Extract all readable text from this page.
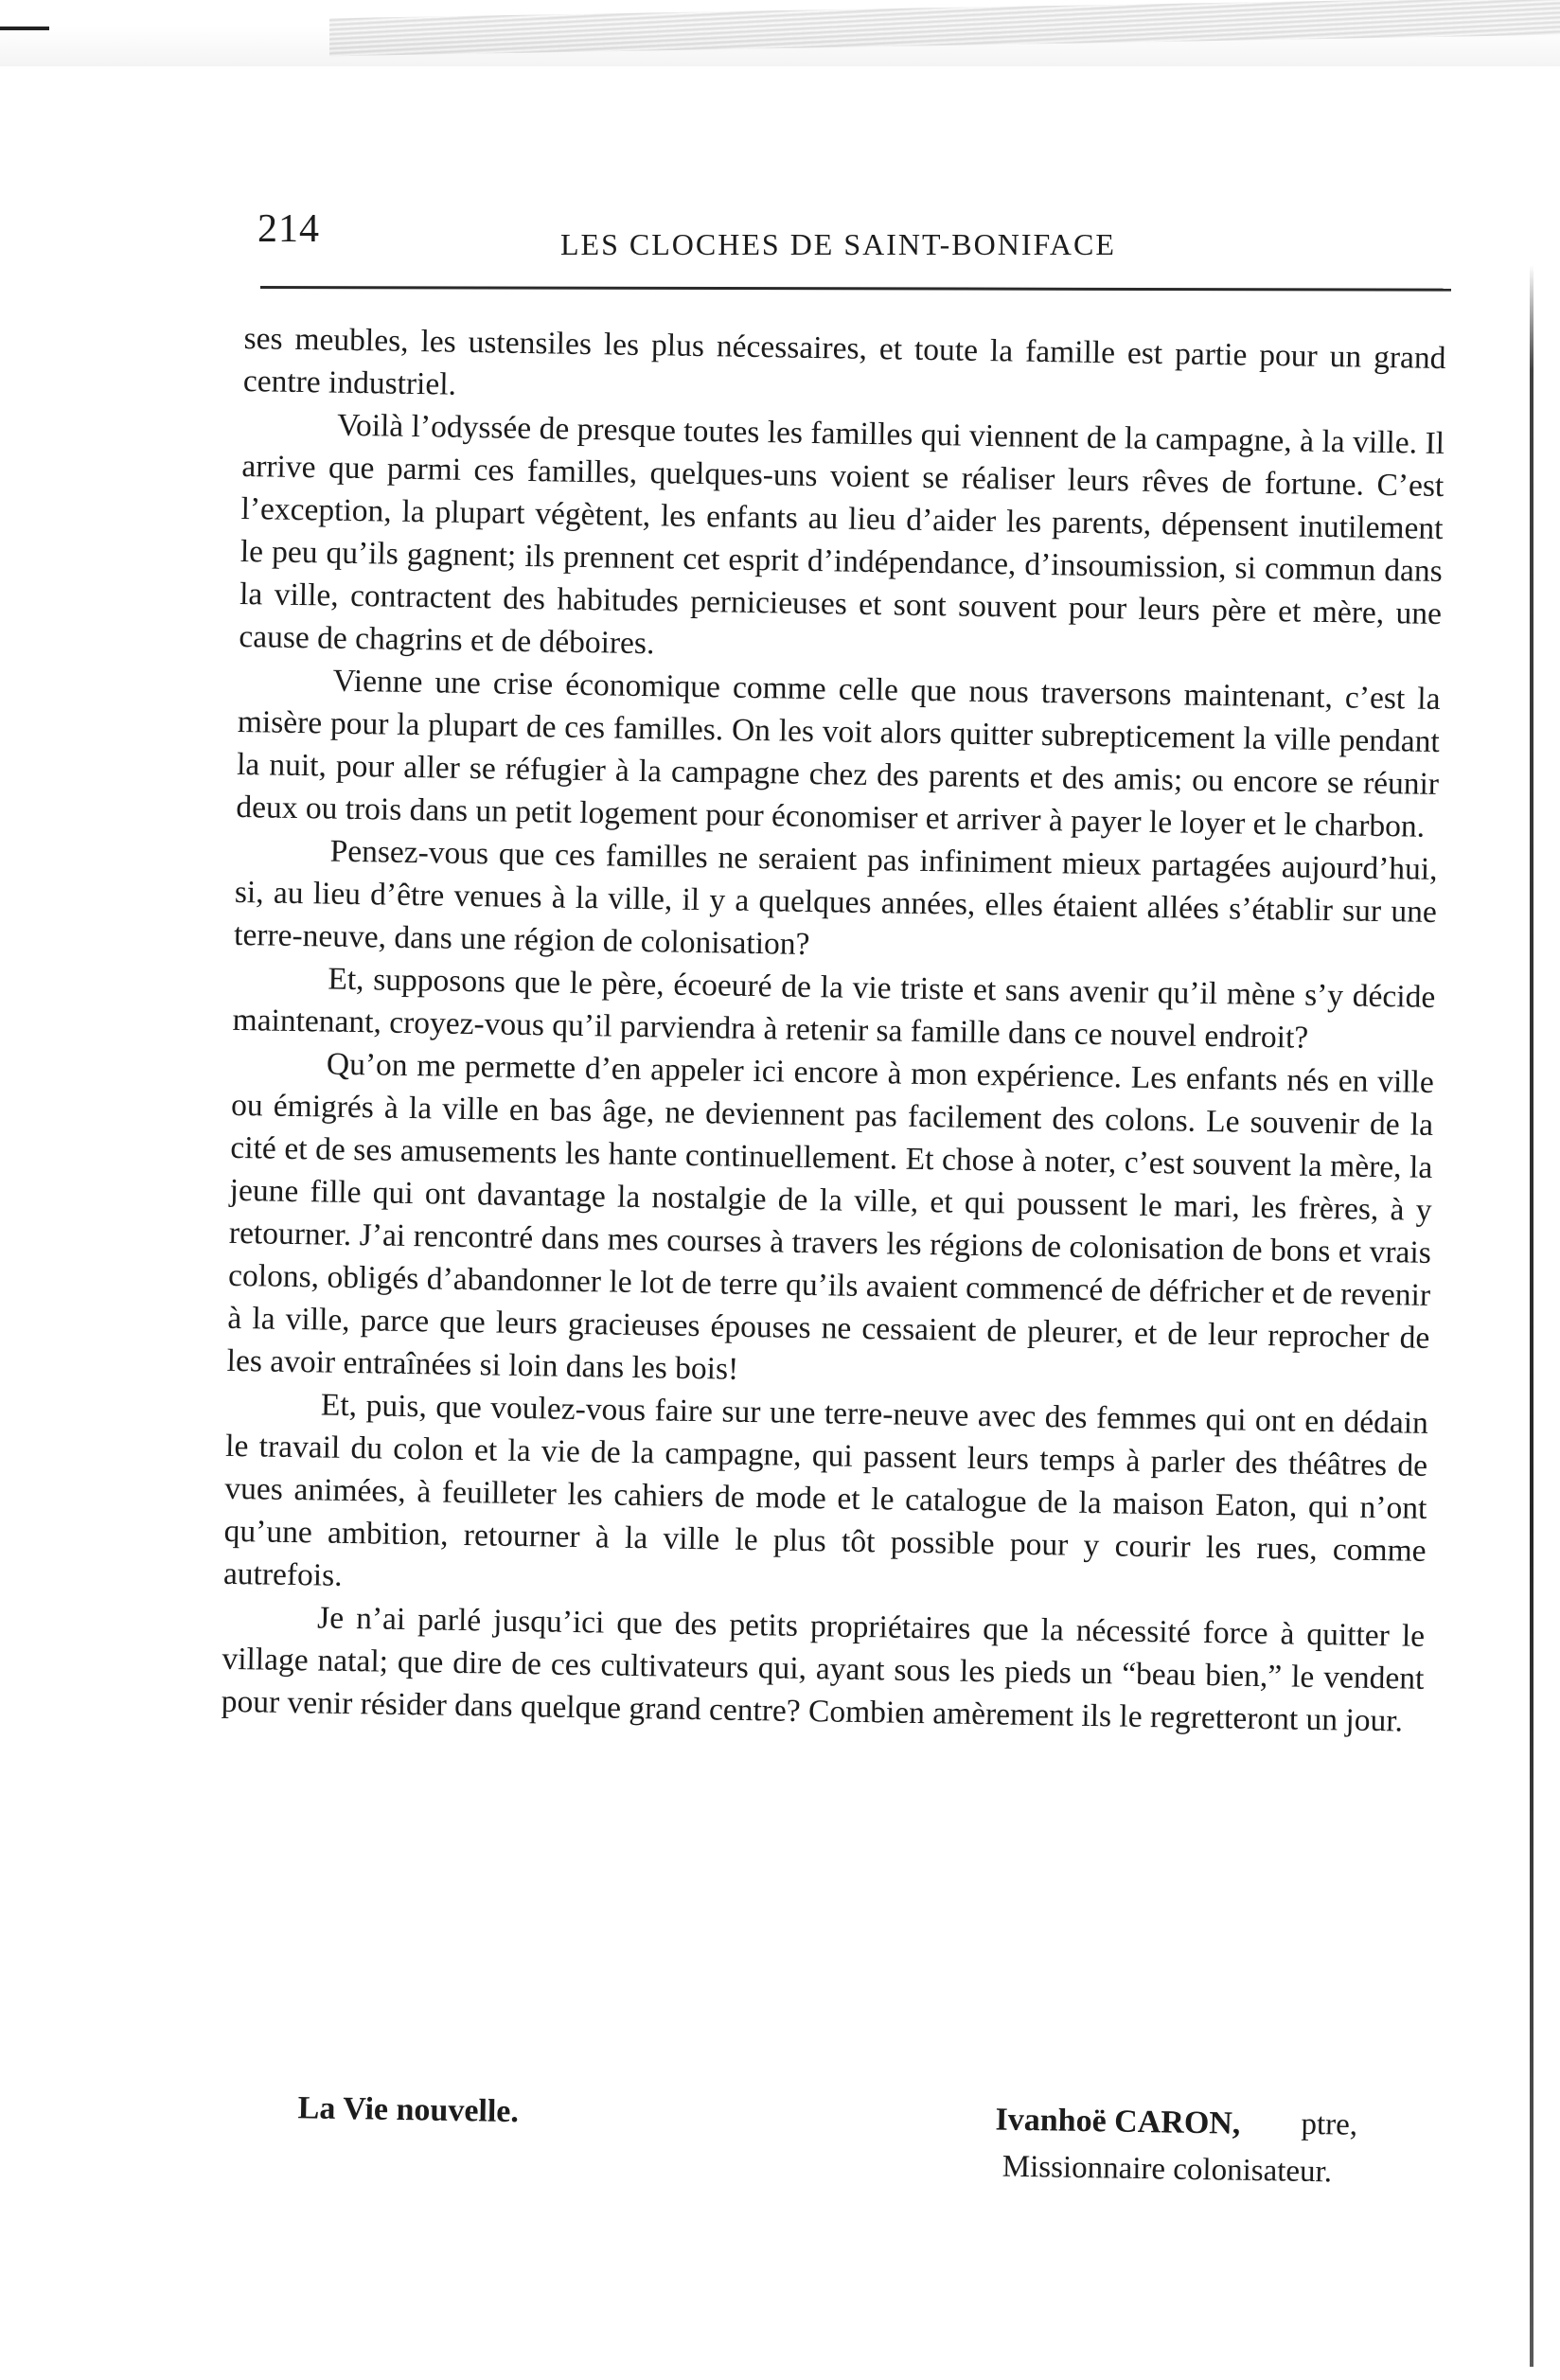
214	LES CLOCHES DE SAINT-BONIFACE

ses meubles, les ustensiles les plus nécessaires, et toute la famille est partie pour un grand centre industriel.

Voilà l’odyssée de presque toutes les familles qui viennent de la campagne, à la ville. Il arrive que parmi ces familles, quelques-uns voient se réaliser leurs rêves de fortune. C’est l’exception, la plupart végètent, les enfants au lieu d’aider les parents, dépensent inutilement le peu qu’ils gagnent; ils prennent cet esprit d’indépendance, d’insoumission, si commun dans la ville, contractent des habitudes pernicieuses et sont souvent pour leurs père et mère, une cause de chagrins et de déboires.

Vienne une crise économique comme celle que nous traversons maintenant, c’est la misère pour la plupart de ces familles. On les voit alors quitter subrepticement la ville pendant la nuit, pour aller se réfugier à la campagne chez des parents et des amis; ou encore se réunir deux ou trois dans un petit logement pour économiser et arriver à payer le loyer et le charbon.

Pensez-vous que ces familles ne seraient pas infiniment mieux partagées aujourd’hui, si, au lieu d’être venues à la ville, il y a quelques années, elles étaient allées s’établir sur une terre-neuve, dans une région de colonisation?

Et, supposons que le père, écoeuré de la vie triste et sans avenir qu’il mène s’y décide maintenant, croyez-vous qu’il parviendra à retenir sa famille dans ce nouvel endroit?

Qu’on me permette d’en appeler ici encore à mon expérience. Les enfants nés en ville ou émigrés à la ville en bas âge, ne deviennent pas facilement des colons. Le souvenir de la cité et de ses amusements les hante continuellement. Et chose à noter, c’est souvent la mère, la jeune fille qui ont davantage la nostalgie de la ville, et qui poussent le mari, les frères, à y retourner. J’ai rencontré dans mes courses à travers les régions de colonisation de bons et vrais colons, obligés d’abandonner le lot de terre qu’ils avaient commencé de défricher et de revenir à la ville, parce que leurs gracieuses épouses ne cessaient de pleurer, et de leur reprocher de les avoir entraînées si loin dans les bois!

Et, puis, que voulez-vous faire sur une terre-neuve avec des femmes qui ont en dédain le travail du colon et la vie de la campagne, qui passent leurs temps à parler des théâtres de vues animées, à feuilleter les cahiers de mode et le catalogue de la maison Eaton, qui n’ont qu’une ambition, retourner à la ville le plus tôt possible pour y courir les rues, comme autrefois.

Je n’ai parlé jusqu’ici que des petits propriétaires que la nécessité force à quitter le village natal; que dire de ces cultivateurs qui, ayant sous les pieds un “beau bien,” le vendent pour venir résider dans quelque grand centre? Combien amèrement ils le regretteront un jour.

La Vie nouvelle.	Ivanhoë CARON, ptre,
Missionnaire colonisateur.
